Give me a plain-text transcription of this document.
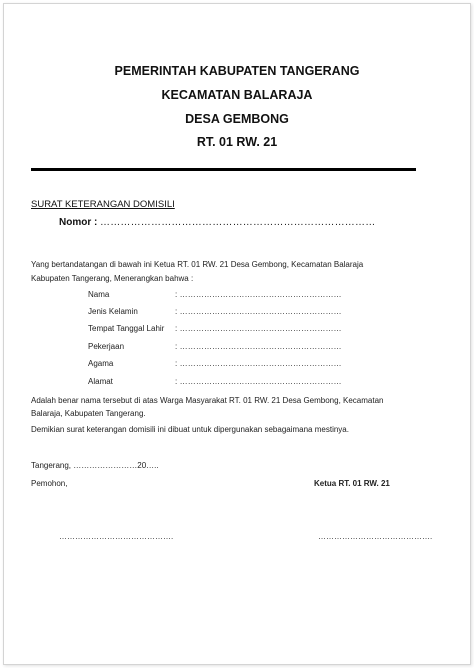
PEMERINTAH KABUPATEN TANGERANG
KECAMATAN BALARAJA
DESA GEMBONG
RT. 01 RW. 21
SURAT KETERANGAN DOMISILI
Nomor : ………………………………………………………………………
Yang bertandatangan di bawah ini Ketua RT. 01 RW. 21 Desa Gembong, Kecamatan Balaraja
Kabupaten Tangerang, Menerangkan bahwa :
Nama	: ……………………………………………………
Jenis Kelamin	: ……………………………………………………
Tempat Tanggal Lahir : ……………………………………………………
Pekerjaan	: ……………………………………………………
Agama	: ……………………………………………………
Alamat	: ……………………………………………………
Adalah benar nama tersebut di atas Warga Masyarakat RT. 01 RW. 21 Desa Gembong, Kecamatan
Balaraja, Kabupaten Tangerang.
Demikian surat keterangan domisili ini dibuat untuk dipergunakan sebagaimana mestinya.
Tangerang, ……………………20…..
Pemohon,	Ketua RT. 01 RW. 21
…………………………………….	…………………………………….
